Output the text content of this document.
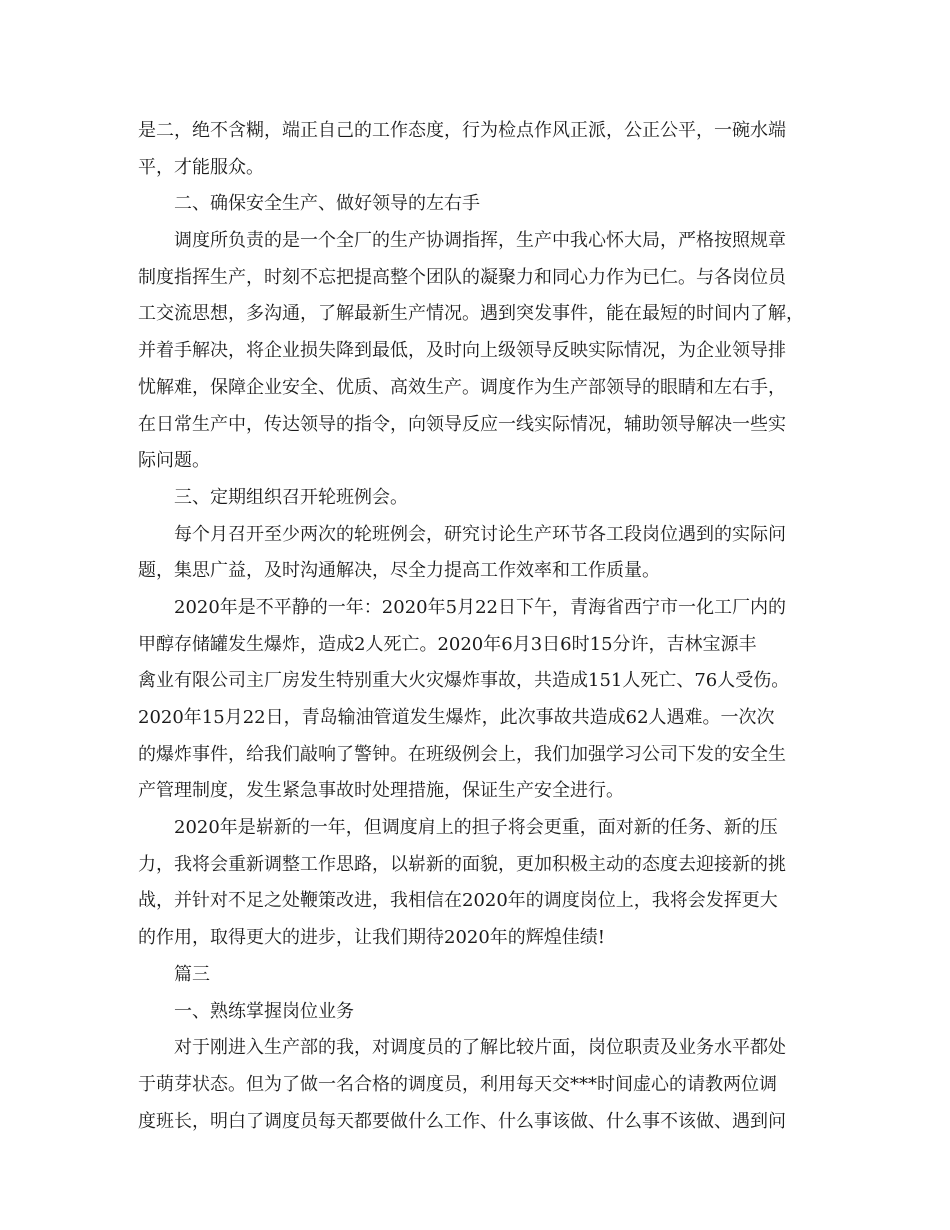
是二，绝不含糊，端正自己的工作态度，行为检点作风正派，公正公平，一碗水端
平，才能服众。
二、确保安全生产、做好领导的左右手
调度所负责的是一个全厂的生产协调指挥，生产中我心怀大局，严格按照规章
制度指挥生产，时刻不忘把提高整个团队的凝聚力和同心力作为已仁。与各岗位员
工交流思想，多沟通，了解最新生产情况。遇到突发事件，能在最短的时间内了解，
并着手解决，将企业损失降到最低，及时向上级领导反映实际情况，为企业领导排
忧解难，保障企业安全、优质、高效生产。调度作为生产部领导的眼睛和左右手，
在日常生产中，传达领导的指令，向领导反应一线实际情况，辅助领导解决一些实
际问题。
三、定期组织召开轮班例会。
每个月召开至少两次的轮班例会，研究讨论生产环节各工段岗位遇到的实际问
题，集思广益，及时沟通解决，尽全力提高工作效率和工作质量。
2020年是不平静的一年：2020年5月22日下午，青海省西宁市一化工厂内的
甲醇存储罐发生爆炸，造成2人死亡。2020年6月3日6时15分许，吉林宝源丰
禽业有限公司主厂房发生特别重大火灾爆炸事故，共造成151人死亡、76人受伤。
2020年15月22日，青岛输油管道发生爆炸，此次事故共造成62人遇难。一次次
的爆炸事件，给我们敲响了警钟。在班级例会上，我们加强学习公司下发的安全生
产管理制度，发生紧急事故时处理措施，保证生产安全进行。
2020年是崭新的一年，但调度肩上的担子将会更重，面对新的任务、新的压
力，我将会重新调整工作思路，以崭新的面貌，更加积极主动的态度去迎接新的挑
战，并针对不足之处鞭策改进，我相信在2020年的调度岗位上，我将会发挥更大
的作用，取得更大的进步，让我们期待2020年的辉煌佳绩!
篇三
一、熟练掌握岗位业务
对于刚进入生产部的我，对调度员的了解比较片面，岗位职责及业务水平都处
于萌芽状态。但为了做一名合格的调度员，利用每天交***时间虚心的请教两位调
度班长，明白了调度员每天都要做什么工作、什么事该做、什么事不该做、遇到问
